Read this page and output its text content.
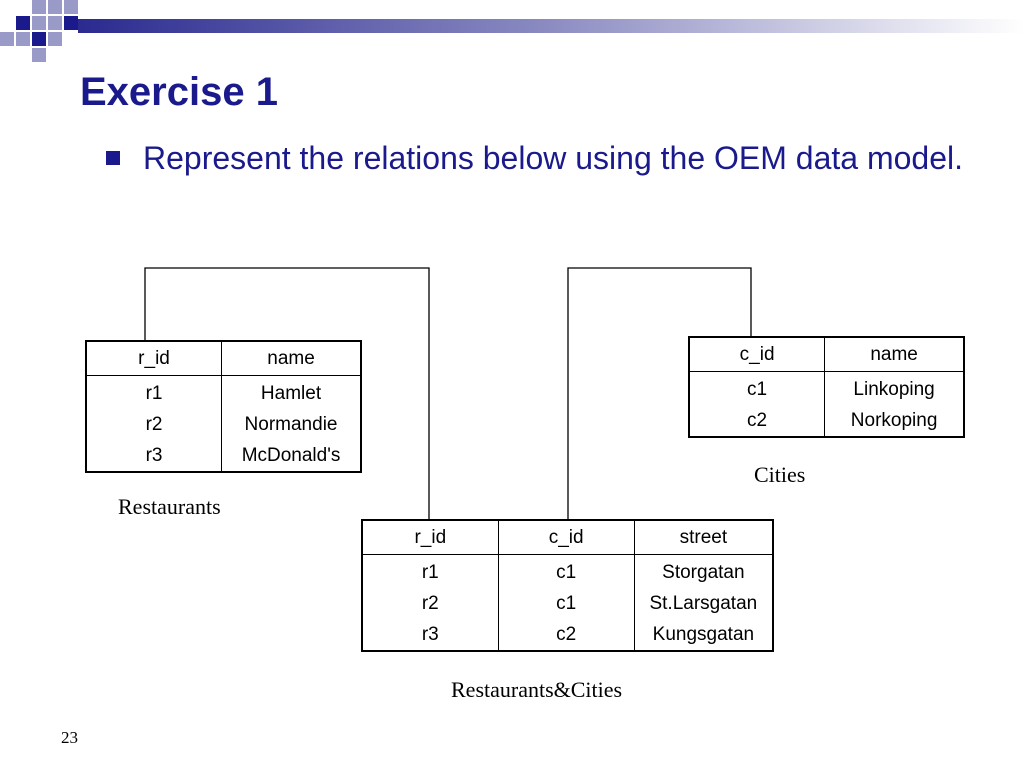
Exercise 1
Represent the relations below using the OEM data model.
r_id	name
r1	Hamlet
r2	Normandie
r3	McDonald's
Restaurants
c_id	name
c1	Linkoping
c2	Norkoping
Cities
r_id	c_id	street
r1	c1	Storgatan
r2	c1	St.Larsgatan
r3	c2	Kungsgatan
Restaurants&Cities
23
